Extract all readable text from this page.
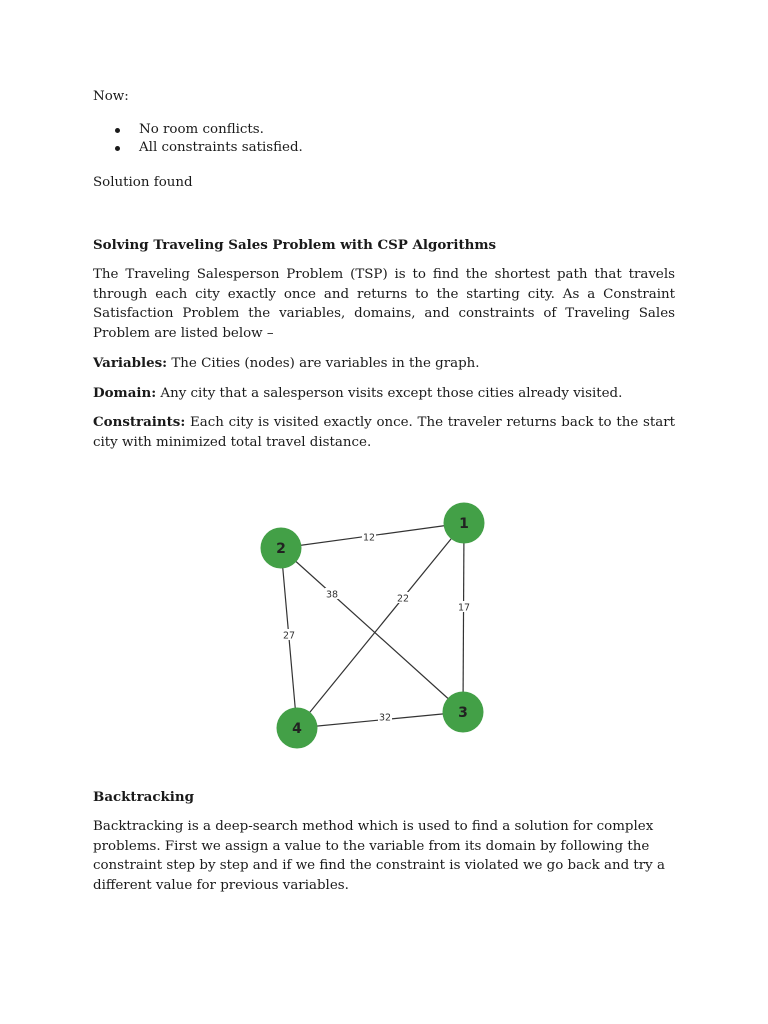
Now:

No room conflicts.
All constraints satisfied.

Solution found

Solving Traveling Sales Problem with CSP Algorithms

The Traveling Salesperson Problem (TSP) is to find the shortest path that travels through each city exactly once and returns to the starting city. As a Constraint Satisfaction Problem the variables, domains, and constraints of Traveling Sales Problem are listed below –

Variables: The Cities (nodes) are variables in the graph.

Domain: Any city that a salesperson visits except those cities already visited.

Constraints: Each city is visited exactly once. The traveler returns back to the start city with minimized total travel distance.

Backtracking

Backtracking is a deep-search method which is used to find a solution for complex problems. First we assign a value to the variable from its domain by following the constraint step by step and if we find the constraint is violated we go back and try a different value for previous variables.

12
38	22
17
27
32
1
2
3
4
